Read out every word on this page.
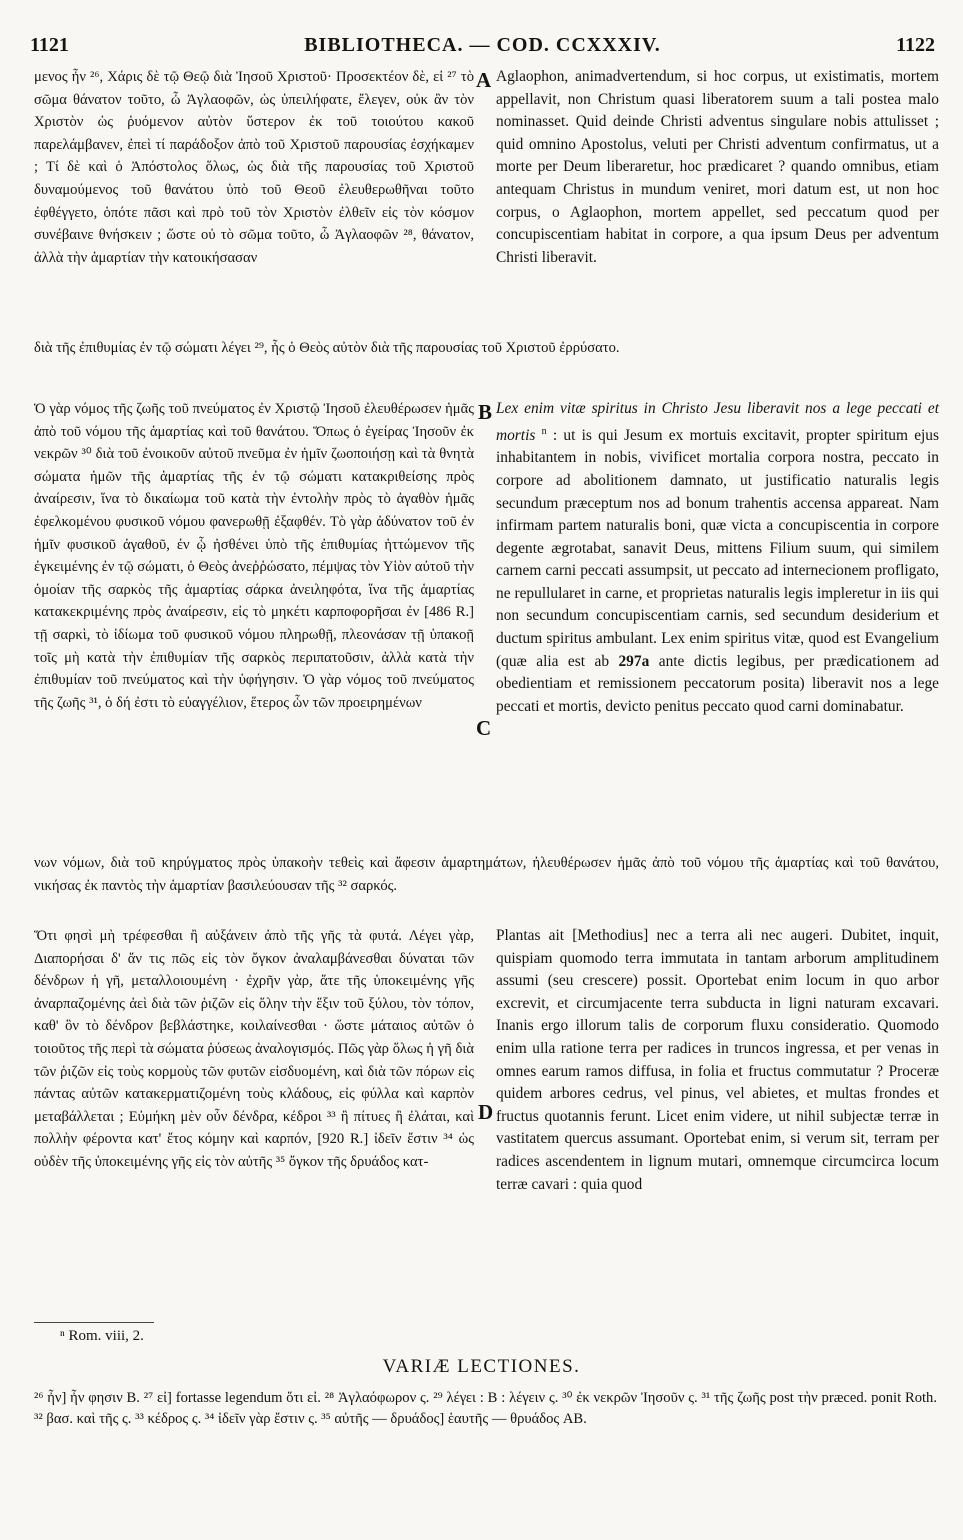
1121	BIBLIOTHECA. — COD. CCXXXIV.	1122

μενος ἦν ²⁶, Χάρις δὲ τῷ Θεῷ διὰ Ἰησοῦ Χριστοῦ· Προσεκτέον δὲ, εἰ ²⁷ τὸ σῶμα θάνατον τοῦτο, ὦ Ἀγλαοφῶν, ὡς ὑπειλήφατε, ἔλεγεν, οὐκ ἂν τὸν Χριστὸν ὡς ῥυόμενον αὐτὸν ὕστερον ἐκ τοῦ τοιούτου κακοῦ παρελάμβανεν, ἐπεὶ τί παράδοξον ἀπὸ τοῦ Χριστοῦ παρουσίας ἐσχήκαμεν ; Τί δὲ καὶ ὁ Ἀπόστολος ὅλως, ὡς διὰ τῆς παρουσίας τοῦ Χριστοῦ δυναμούμενος τοῦ θανάτου ὑπὸ τοῦ Θεοῦ ἐλευθερωθῆναι τοῦτο ἐφθέγγετο, ὁπότε πᾶσι καὶ πρὸ τοῦ τὸν Χριστὸν ἐλθεῖν εἰς τὸν κόσμον συνέβαινε θνήσκειν ; ὥστε οὐ τὸ σῶμα τοῦτο, ὦ Ἀγλαοφῶν ²⁸, θάνατον, ἀλλὰ τὴν ἁμαρτίαν τὴν κατοικήσασαν

A Aglaophon, animadvertendum, si hoc corpus, ut existimatis, mortem appellavit, non Christum quasi liberatorem suum a tali postea malo nominasset. Quid deinde Christi adventus singulare nobis attulisset ; quid omnino Apostolus, veluti per Christi adventum confirmatus, ut a morte per Deum liberaretur, hoc prædicaret ? quando omnibus, etiam antequam Christus in mundum veniret, mori datum est, ut non hoc corpus, o Aglaophon, mortem appellet, sed peccatum quod per concupiscentiam habitat in corpore, a qua ipsum Deus per adventum Christi liberavit.

διὰ τῆς ἐπιθυμίας ἐν τῷ σώματι λέγει ²⁹, ἧς ὁ Θεὸς αὐτὸν διὰ τῆς παρουσίας τοῦ Χριστοῦ ἐρρύσατο.

Ὁ γὰρ νόμος τῆς ζωῆς τοῦ πνεύματος ἐν Χριστῷ Ἰησοῦ ἐλευθέρωσεν ἡμᾶς ἀπὸ τοῦ νόμου τῆς ἁμαρτίας καὶ τοῦ θανάτου. Ὅπως ὁ ἐγείρας Ἰησοῦν ἐκ νεκρῶν ³⁰ διὰ τοῦ ἐνοικοῦν αὐτοῦ πνεῦμα ἐν ἡμῖν ζωοποιήσῃ καὶ τὰ θνητὰ σώματα ἡμῶν τῆς ἁμαρτίας τῆς ἐν τῷ σώματι κατακριθείσης πρὸς ἀναίρεσιν, ἵνα τὸ δικαίωμα τοῦ κατὰ τὴν ἐντολὴν πρὸς τὸ ἀγαθὸν ἡμᾶς ἐφελκομένου φυσικοῦ νόμου φανερωθῇ ἐξαφθέν. Τὸ γὰρ ἀδύνατον τοῦ ἐν ἡμῖν φυσικοῦ ἀγαθοῦ, ἐν ᾧ ἠσθένει ὑπὸ τῆς ἐπιθυμίας ἡττώμενον τῆς ἐγκειμένης ἐν τῷ σώματι, ὁ Θεὸς ἀνεῤῥώσατο, πέμψας τὸν Υἱὸν αὐτοῦ τὴν ὁμοίαν τῆς σαρκὸς τῆς ἁμαρτίας σάρκα ἀνειληφότα, ἵνα τῆς ἁμαρτίας κατακεκριμένης πρὸς ἀναίρεσιν, εἰς τὸ μηκέτι καρποφορῆσαι ἐν [486 R.] τῇ σαρκὶ, τὸ ἰδίωμα τοῦ φυσικοῦ νόμου πληρωθῇ, πλεονάσαν τῇ ὑπακοῇ τοῖς μὴ κατὰ τὴν ἐπιθυμίαν τῆς σαρκὸς περιπατοῦσιν, ἀλλὰ κατὰ τὴν ἐπιθυμίαν τοῦ πνεύματος καὶ τὴν ὑφήγησιν. Ὁ γὰρ νόμος τοῦ πνεύματος τῆς ζωῆς ³¹, ὁ δή ἐστι τὸ εὐαγγέλιον, ἕτερος ὧν τῶν προειρημένων

B
C

Lex enim vitæ spiritus in Christo Jesu liberavit nos a lege peccati et mortis $^n$ : ut is qui Jesum ex mortuis excitavit, propter spiritum ejus inhabitantem in nobis, vivificet mortalia corpora nostra, peccato in corpore ad abolitionem damnato, ut justificatio naturalis legis secundum præceptum nos ad bonum trahentis accensa appareat. Nam infirmam partem naturalis boni, quæ victa a concupiscentia in corpore degente ægrotabat, sanavit Deus, mittens Filium suum, qui similem carnem carni peccati assumpsit, ut peccato ad internecionem profligato, ne repullularet in carne, et proprietas naturalis legis impleretur in iis qui non secundum concupiscentiam carnis, sed secundum desiderium et ductum spiritus ambulant. Lex enim spiritus vitæ, quod est Evangelium (quæ alia est ab 297a ante dictis legibus, per prædicationem ad obedientiam et remissionem peccatorum posita) liberavit nos a lege peccati et mortis, devicto penitus peccato quod carni dominabatur.

νων νόμων, διὰ τοῦ κηρύγματος πρὸς ὑπακοὴν τεθεὶς καὶ ἄφεσιν ἁμαρτημάτων, ἠλευθέρωσεν ἡμᾶς ἀπὸ τοῦ νόμου τῆς ἁμαρτίας καὶ τοῦ θανάτου, νικήσας ἐκ παντὸς τὴν ἁμαρτίαν βασιλεύουσαν τῆς ³² σαρκός.

Ὅτι φησὶ μὴ τρέφεσθαι ἢ αὐξάνειν ἀπὸ τῆς γῆς τὰ φυτά. Λέγει γὰρ, Διαπορήσαι δ' ἄν τις πῶς εἰς τὸν ὄγκον ἀναλαμβάνεσθαι δύναται τῶν δένδρων ἡ γῆ, μεταλλοιουμένη · ἐχρῆν γὰρ, ἅτε τῆς ὑποκειμένης γῆς ἀναρπαζομένης ἀεὶ διὰ τῶν ῥιζῶν εἰς ὅλην τὴν ἕξιν τοῦ ξύλου, τὸν τόπον, καθ' ὃν τὸ δένδρον βεβλάστηκε, κοιλαίνεσθαι · ὥστε μάταιος αὐτῶν ὁ τοιοῦτος τῆς περὶ τὰ σώματα ῥύσεως ἀναλογισμός. Πῶς γὰρ ὅλως ἡ γῆ διὰ τῶν ῥιζῶν εἰς τοὺς κορμοὺς τῶν φυτῶν εἰσδυομένη, καὶ διὰ τῶν πόρων εἰς πάντας αὐτῶν κατακερματιζομένη τοὺς κλάδους, εἰς φύλλα καὶ καρπὸν μεταβάλλεται ; Εὐμήκη μὲν οὖν δένδρα, κέδροι ³³ ἢ πίτυες ἢ ἐλάται, καὶ πολλὴν φέροντα κατ' ἔτος κόμην καὶ καρπόν, [920 R.] ἰδεῖν ἔστιν ³⁴ ὡς οὐδὲν τῆς ὑποκειμένης γῆς εἰς τὸν αὐτῆς ³⁵ ὄγκον τῆς δρυάδος κατ-

D

Plantas ait [Methodius] nec a terra ali nec augeri. Dubitet, inquit, quispiam quomodo terra immutata in tantam arborum amplitudinem assumi (seu crescere) possit. Oportebat enim locum in quo arbor excrevit, et circumjacente terra subducta in ligni naturam excavari. Inanis ergo illorum talis de corporum fluxu consideratio. Quomodo enim ulla ratione terra per radices in truncos ingressa, et per venas in omnes earum ramos diffusa, in folia et fructus commutatur ? Proceræ quidem arbores cedrus, vel pinus, vel abietes, et multas frondes et fructus quotannis ferunt. Licet enim videre, ut nihil subjectæ terræ in vastitatem quercus assumant. Oportebat enim, si verum sit, terram per radices ascendentem in lignum mutari, omnemque circumcirca locum terræ cavari : quia quod

ⁿ Rom. viii, 2.
VARIÆ LECTIONES.

²⁶ ἦν] ἦν φησιν B. ²⁷ εἰ] fortasse legendum ὅτι εἰ. ²⁸ Ἀγλαόφωρον ς. ²⁹ λέγει : B : λέγειν ς. ³⁰ ἐκ νεκρῶν Ἰησοῦν ς. ³¹ τῆς ζωῆς post τὴν præced. ponit Roth. ³² βασ. καὶ τῆς ς. ³³ κέδρος ς. ³⁴ ἰδεῖν γὰρ ἔστιν ς. ³⁵ αὐτῆς — δρυάδος] ἑαυτῆς — θρυάδος AB.
